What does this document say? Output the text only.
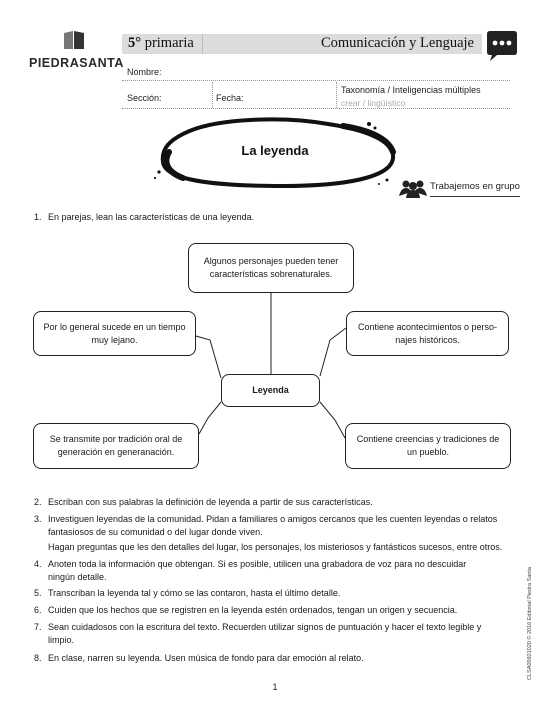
PIEDRASANTA
5° primaria	Comunicación y Lenguaje
Nombre:
Sección:	Fecha:
Taxonomía / Inteligencias múltiples
crear / lingüístico
La leyenda
Trabajemos en grupo
1. En parejas, lean las características de una leyenda.
Algunos personajes pueden tener características sobrenaturales.
Por lo general sucede en un tiempo muy lejano.
Contiene acontecimientos o perso-najes históricos.
Leyenda
Se transmite por tradición oral de generación en generanación.
Contiene creencias y tradiciones de un pueblo.
2. Escriban con sus palabras la definición de leyenda a partir de sus características.
3. Investiguen leyendas de la comunidad. Pidan a familiares o amigos cercanos que les cuenten leyendas o relatos
fantasiosos de su comunidad o del lugar donde viven.
Hagan preguntas que les den detalles del lugar, los personajes, los misteriosos y fantásticos sucesos, entre otros.
4. Anoten toda la información que obtengan. Si es posible, utilicen una grabadora de voz para no descuidar
ningún detalle.
5. Transcriban la leyenda tal y cómo se las contaron, hasta el último detalle.
6. Cuiden que los hechos que se registren en la leyenda estén ordenados, tengan un origen y secuencia.
7. Sean cuidadosos con la escritura del texto. Recuerden utilizar signos de puntuación y hacer el texto legible y
limpio.
8. En clase, narren su leyenda. Usen música de fondo para dar emoción al relato.
1
CLSA05601020 © 2016 Editorial Piedra Santa
